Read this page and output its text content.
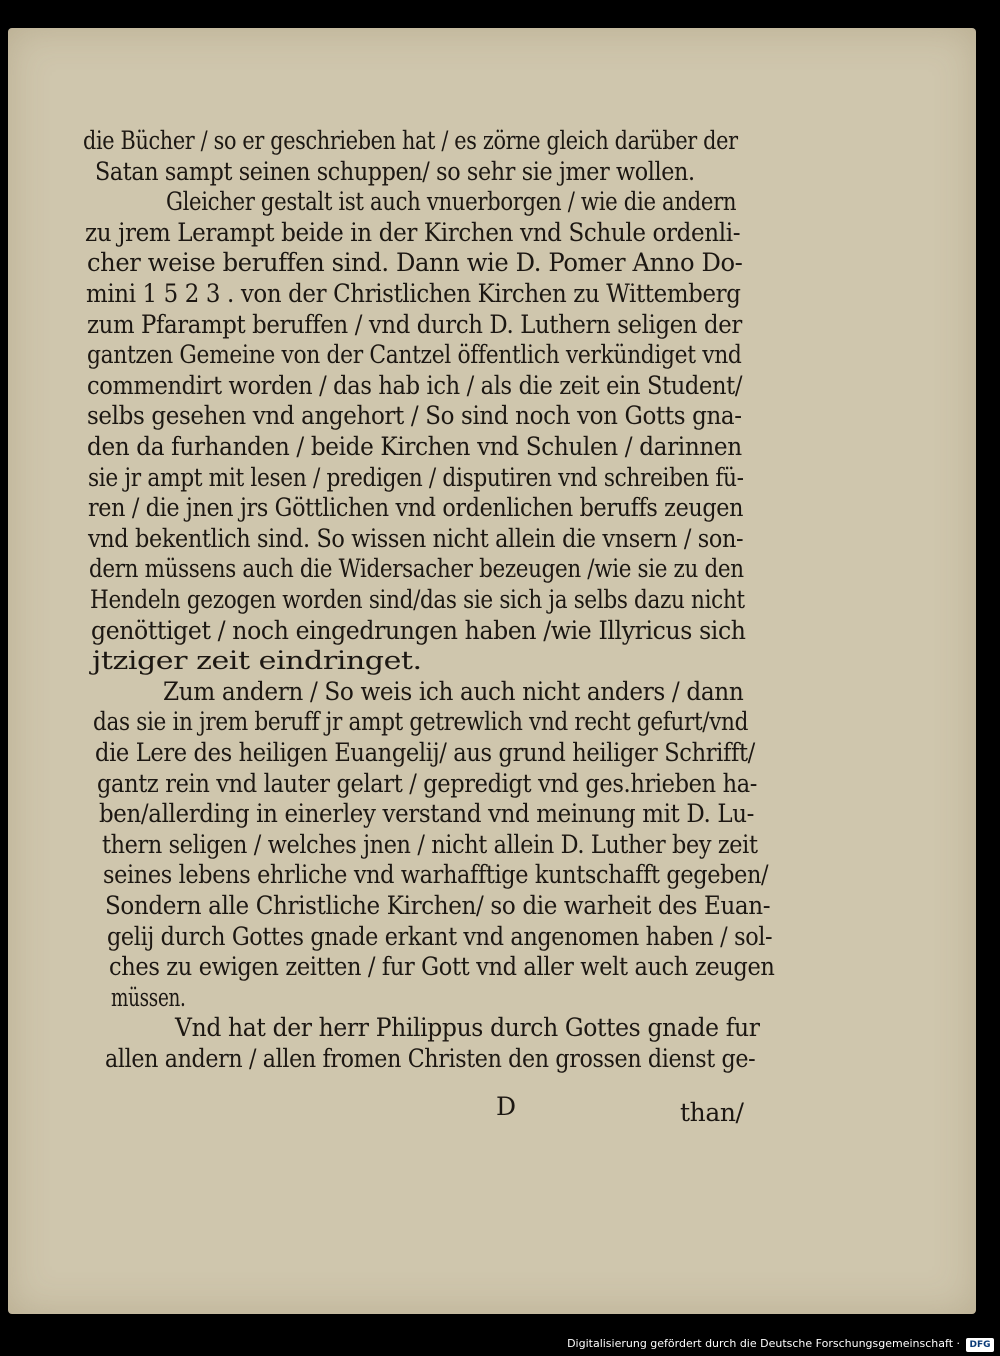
die Bücher / so er geschrieben hat / es zörne gleich darüber der
Satan sampt seinen schuppen/ so sehr sie jmer wollen.
Gleicher gestalt ist auch vnuerborgen / wie die andern
zu jrem Lerampt beide in der Kirchen vnd Schule ordenli-
cher weise beruffen sind. Dann wie D. Pomer Anno Do-
mini 1 5 2 3 . von der Christlichen Kirchen zu Wittemberg
zum Pfarampt beruffen / vnd durch D. Luthern seligen der
gantzen Gemeine von der Cantzel öffentlich verkündiget vnd
commendirt worden / das hab ich / als die zeit ein Student/
selbs gesehen vnd angehort / So sind noch von Gotts gna-
den da furhanden / beide Kirchen vnd Schulen / darinnen
sie jr ampt mit lesen / predigen / disputiren vnd schreiben fü-
ren / die jnen jrs Göttlichen vnd ordenlichen beruffs zeugen
vnd bekentlich sind. So wissen nicht allein die vnsern / son-
dern müssens auch die Widersacher bezeugen /wie sie zu den
Hendeln gezogen worden sind/das sie sich ja selbs dazu nicht
genöttiget / noch eingedrungen haben /wie Illyricus sich
jtziger zeit eindringet.
Zum andern / So weis ich auch nicht anders / dann
das sie in jrem beruff jr ampt getrewlich vnd recht gefurt/vnd
die Lere des heiligen Euangelij/ aus grund heiliger Schrifft/
gantz rein vnd lauter gelart / gepredigt vnd ges.hrieben ha-
ben/allerding in einerley verstand vnd meinung mit D. Lu-
thern seligen / welches jnen / nicht allein D. Luther bey zeit
seines lebens ehrliche vnd warhafftige kuntschafft gegeben/
Sondern alle Christliche Kirchen/ so die warheit des Euan-
gelij durch Gottes gnade erkant vnd angenomen haben / sol-
ches zu ewigen zeitten / fur Gott vnd aller welt auch zeugen
müssen.
Vnd hat der herr Philippus durch Gottes gnade fur
allen andern / allen fromen Christen den grossen dienst ge-
D	than/
Digitalisierung gefördert durch die Deutsche Forschungsgemeinschaft ·	DFG
